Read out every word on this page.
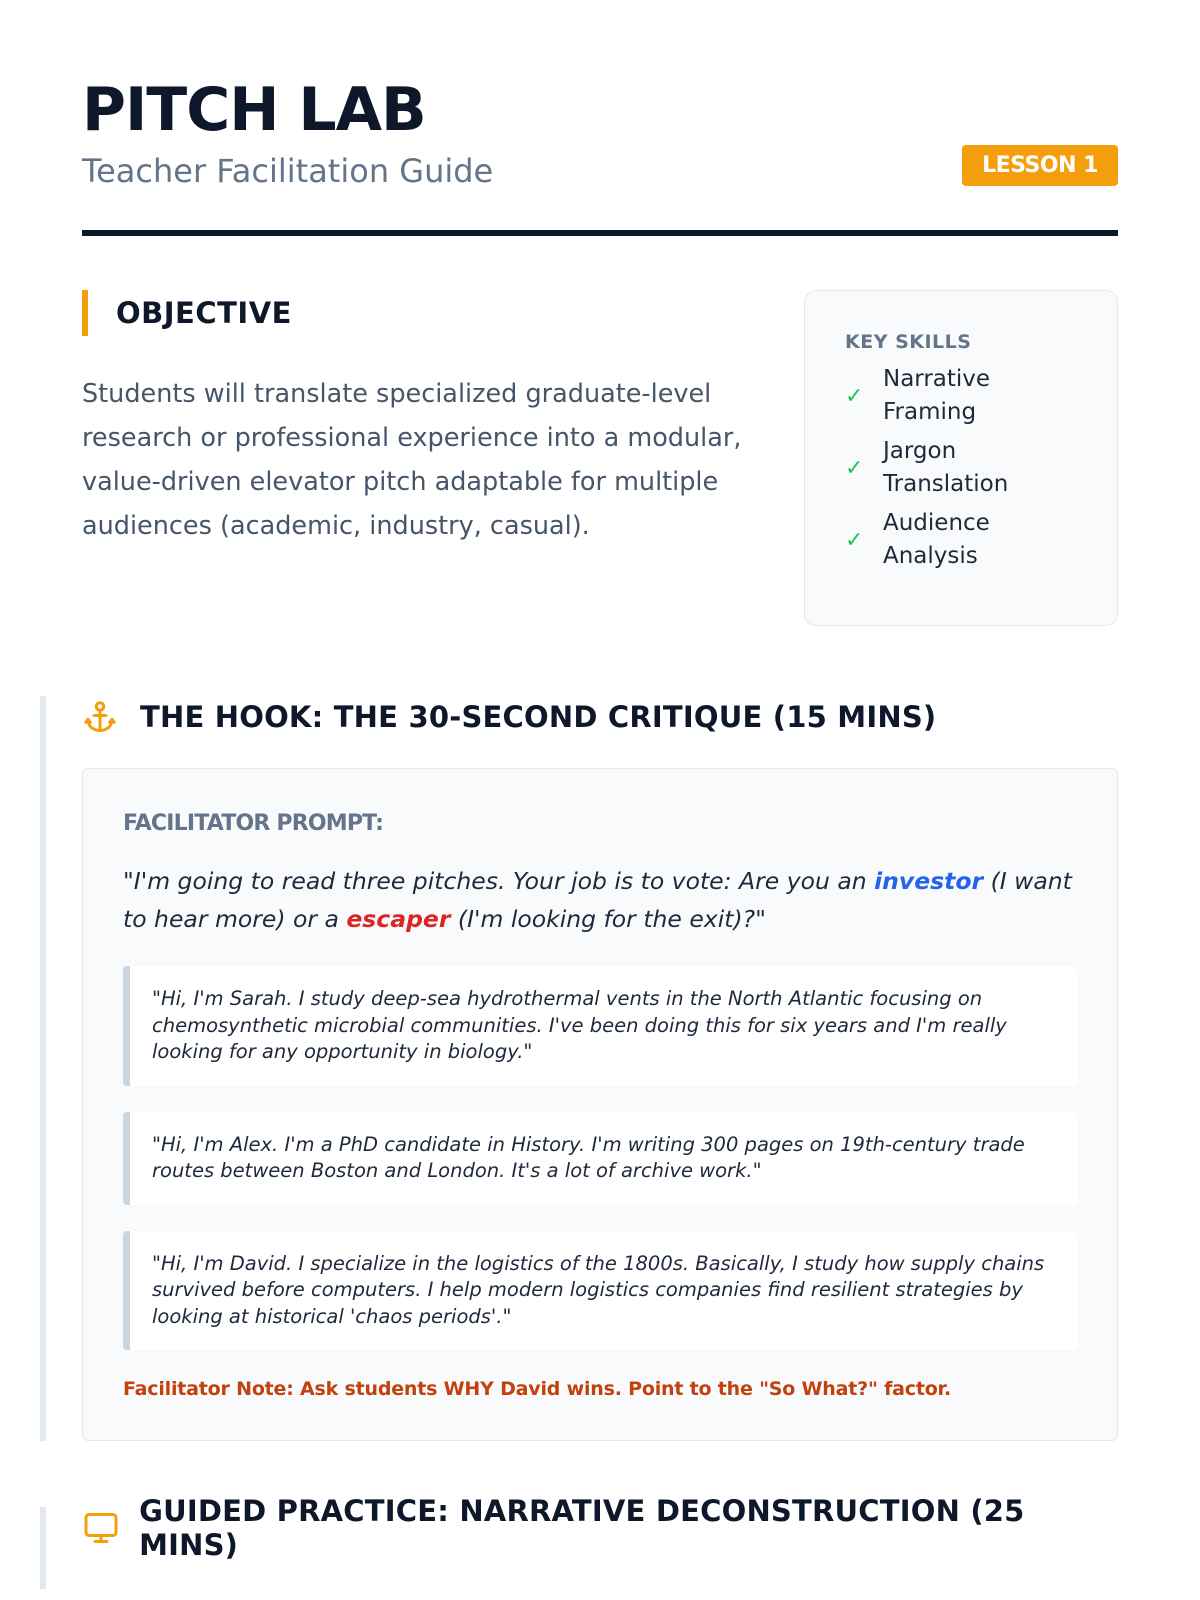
PITCH LAB
Teacher Facilitation Guide	LESSON 1
OBJECTIVE

Students will translate specialized graduate-level research or professional experience into a modular, value-driven elevator pitch adaptable for multiple audiences (academic, industry, casual).

KEY SKILLS
✓
Narrative Framing
✓
Jargon Translation
✓
Audience Analysis
THE HOOK: THE 30-SECOND CRITIQUE (15 MINS)
FACILITATOR PROMPT:

"I'm going to read three pitches. Your job is to vote: Are you an investor (I want to hear more) or a escaper (I'm looking for the exit)?"

"Hi, I'm Sarah. I study deep-sea hydrothermal vents in the North Atlantic focusing on chemosynthetic microbial communities. I've been doing this for six years and I'm really looking for any opportunity in biology."
"Hi, I'm Alex. I'm a PhD candidate in History. I'm writing 300 pages on 19th-century trade routes between Boston and London. It's a lot of archive work."
"Hi, I'm David. I specialize in the logistics of the 1800s. Basically, I study how supply chains survived before computers. I help modern logistics companies find resilient strategies by looking at historical 'chaos periods'."
Facilitator Note: Ask students WHY David wins. Point to the "So What?" factor.
GUIDED PRACTICE: NARRATIVE DECONSTRUCTION (25 MINS)
